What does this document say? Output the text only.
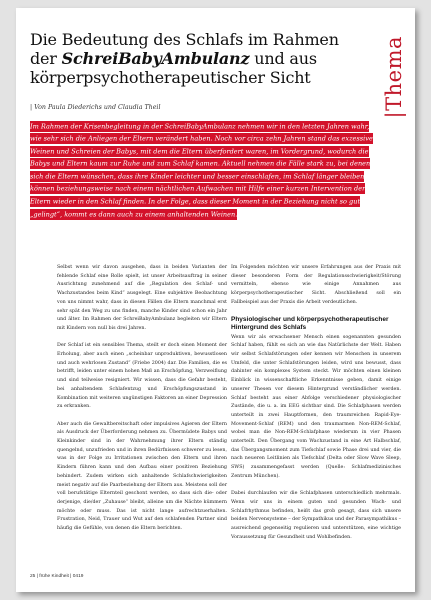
Die Bedeutung des Schlafs im Rahmen
der SchreiBabyAmbulanz und aus
körperpsychotherapeutischer Sicht	|Thema
| Von Paula Diederichs und Claudia Theil
Im Rahmen der Krisenbegleitung in der SchreiBabyAmbulanz nehmen wir in den letzten Jahren wahr, wie sehr sich die Anliegen der Eltern verändert haben. Noch vor circa zehn Jahren stand das exzessive Weinen und Schreien der Babys, mit dem die Eltern überfordert waren, im Vordergrund, wodurch die Babys und Eltern kaum zur Ruhe und zum Schlaf kamen. Aktuell nehmen die Fälle stark zu, bei denen sich die Eltern wünschen, dass ihre Kinder leichter und besser einschlafen, im Schlaf länger bleiben können beziehungsweise nach einem nächtlichen Aufwachen mit Hilfe einer kurzen Intervention der Eltern wieder in den Schlaf finden. In der Folge, dass dieser Moment in der Beziehung nicht so gut „gelingt“, kommt es dann auch zu einem anhaltenden Weinen.

Selbst wenn wir davon ausgehen, dass in beiden Varianten der fehlende Schlaf eine Rolle spielt, ist unser Arbeitsauftrag in seiner Ausrichtung zunehmend auf die „Regulation des Schlaf- und Wachzustandes beim Kind“ ausgelegt. Eine subjektive Beobachtung von uns nimmt wahr, dass in diesen Fällen die Eltern manchmal erst sehr spät den Weg zu uns finden, manche Kinder sind schon ein Jahr und älter. Im Rahmen der SchreiBabyAmbulanz begleiten wir Eltern mit Kindern von null bis drei Jahren.

Der Schlaf ist ein sensibles Thema, steilt er doch einen Moment der Erholung, aber auch einen „scheinbar unproduktiven, bewusstlosen und auch wehrlosen Zustand“ (Friebe 2004) dar. Die Familien, die es betrifft, leiden unter einem hohen Maß an Erschöpfung, Verzweiflung und sind teilweise resigniert. Wir wissen, dass die Gefahr besteht, bei anhaltendem Schlafentzug und Erschöpfungszustand in Kombination mit weiteren ungünstigen Faktoren an einer Depression zu erkranken.

Aber auch die Gewaltbereitschaft oder impulsives Agieren der Eltern als Ausdruck der Überforderung nehmen zu. Übermüdete Babys und Kleinkinder sind in der Wahrnehmung ihrer Eltern ständig quengelnd, unzufrieden und in ihren Bedürfnissen schwerer zu lesen, was in der Folge zu Irritationen zwischen den Eltern und ihren Kindern führen kann und den Aufbau einer positiven Beziehung behindert. Zudem wirken sich anhaltende Schlafschwierigkeiten meist negativ auf die Paarbeziehung der Eltern aus. Meistens soll der voll berufstätige Elternteil geschont werden, so dass sich die- oder derjenige, die/der „Zuhause“ bleibt, alleine um die Nächte kümmern möchte oder muss. Das ist nicht lange aufrechtzuerhalten. Frustration, Neid, Trauer und Wut auf den schlafenden Partner sind häufig die Gefühle, von denen die Eltern berichten.

Im Folgenden möchten wir unsere Erfahrungen aus der Praxis mit dieser besonderen Form der Regulationsschwierigkeit/Störung vermitteln, ebenso wie einige Annahmen aus körperpsychotherapeutischer Sicht. Abschließend soll ein Fallbeispiel aus der Praxis die Arbeit verdeutlichen.

Physiologischer und körperpsychotherapeutischer Hintergrund des Schlafs

Wenn wir als erwachsener Mensch einen sogenannten gesunden Schlaf haben, fühlt es sich an wie das Natürlichste der Welt. Haben wir selbst Schlafstörungen oder kennen wir Menschen in unserem Umfeld, die unter Schlafstörungen leiden, wird uns bewusst, dass dahinter ein komplexes System steckt. Wir möchten einen kleinen Einblick in wissenschaftliche Erkenntnisse geben, damit einige unserer Thesen vor diesem Hintergrund verständlicher werden. Schlaf besteht aus einer Abfolge verschiedener physiologischer Zustände, die u. a. im EEG sichtbar sind. Die Schlafphasen werden unterteilt in zwei Hauptformen, den traumreichen Rapid-Eye-Movement-Schlaf (REM) und den traumarmen Non-REM-Schlaf, wobei man die Non-REM-Schlafphase wiederum in vier Phasen unterteilt. Den Übergang vom Wachzustand in eine Art Halbschlaf, das Übergangsmoment zum Tiefschlaf sowie Phase drei und vier, die nach neueren Leitlinien als Tiefschlaf (Delta oder Slow Wave Sleep, SWS) zusammengefasst werden (Quelle: Schlafmedizinisches Zentrum München).

Dabei durchlaufen wir die Schlafphasen unterschiedlich mehrmals. Wenn wir uns in einem guten und gesunden Wach- und Schlafrhythmus befinden, heißt das grob gesagt, dass sich unsere beiden Nervensysteme – der Sympathikus und der Parasympathikus – ausreichend gegenseitig regulieren und unterstützen, eine wichtige Voraussetzung für Gesundheit und Wohlbefinden.

25 | frühe Kindheit | 0419
